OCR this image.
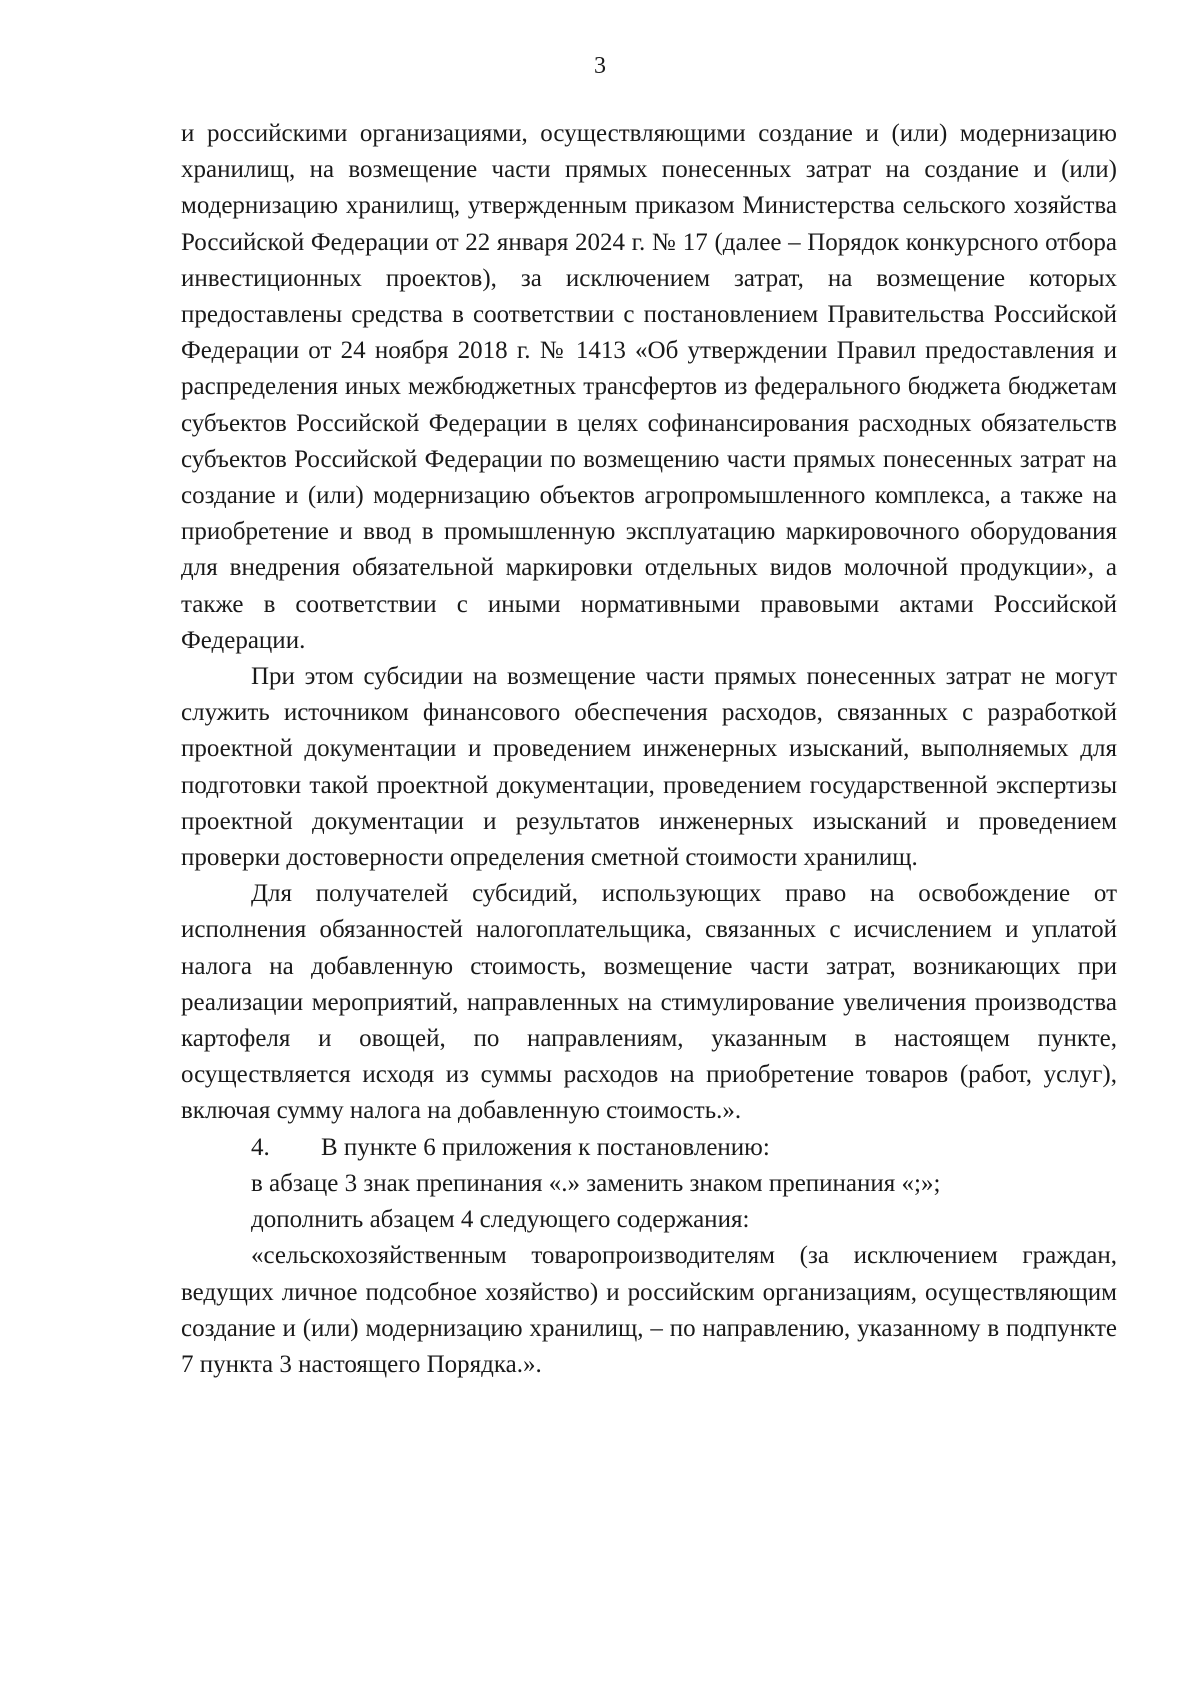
3

и российскими организациями, осуществляющими создание и (или) модернизацию хранилищ, на возмещение части прямых понесенных затрат на создание и (или) модернизацию хранилищ, утвержденным приказом Министерства сельского хозяйства Российской Федерации от 22 января 2024 г. № 17 (далее – Порядок конкурсного отбора инвестиционных проектов), за исключением затрат, на возмещение которых предоставлены средства в соответствии с постановлением Правительства Российской Федерации от 24 ноября 2018 г. № 1413 «Об утверждении Правил предоставления и распределения иных межбюджетных трансфертов из федерального бюджета бюджетам субъектов Российской Федерации в целях софинансирования расходных обязательств субъектов Российской Федерации по возмещению части прямых понесенных затрат на создание и (или) модернизацию объектов агропромышленного комплекса, а также на приобретение и ввод в промышленную эксплуатацию маркировочного оборудования для внедрения обязательной маркировки отдельных видов молочной продукции», а также в соответствии с иными нормативными правовыми актами Российской Федерации.

При этом субсидии на возмещение части прямых понесенных затрат не могут служить источником финансового обеспечения расходов, связанных с разработкой проектной документации и проведением инженерных изысканий, выполняемых для подготовки такой проектной документации, проведением государственной экспертизы проектной документации и результатов инженерных изысканий и проведением проверки достоверности определения сметной стоимости хранилищ.

Для получателей субсидий, использующих право на освобождение от исполнения обязанностей налогоплательщика, связанных с исчислением и уплатой налога на добавленную стоимость, возмещение части затрат, возникающих при реализации мероприятий, направленных на стимулирование увеличения производства картофеля и овощей, по направлениям, указанным в настоящем пункте, осуществляется исходя из суммы расходов на приобретение товаров (работ, услуг), включая сумму налога на добавленную стоимость.».

4. В пункте 6 приложения к постановлению:

в абзаце 3 знак препинания «.» заменить знаком препинания «;»;

дополнить абзацем 4 следующего содержания:

«сельскохозяйственным товаропроизводителям (за исключением граждан, ведущих личное подсобное хозяйство) и российским организациям, осуществляющим создание и (или) модернизацию хранилищ, – по направлению, указанному в подпункте 7 пункта 3 настоящего Порядка.».
